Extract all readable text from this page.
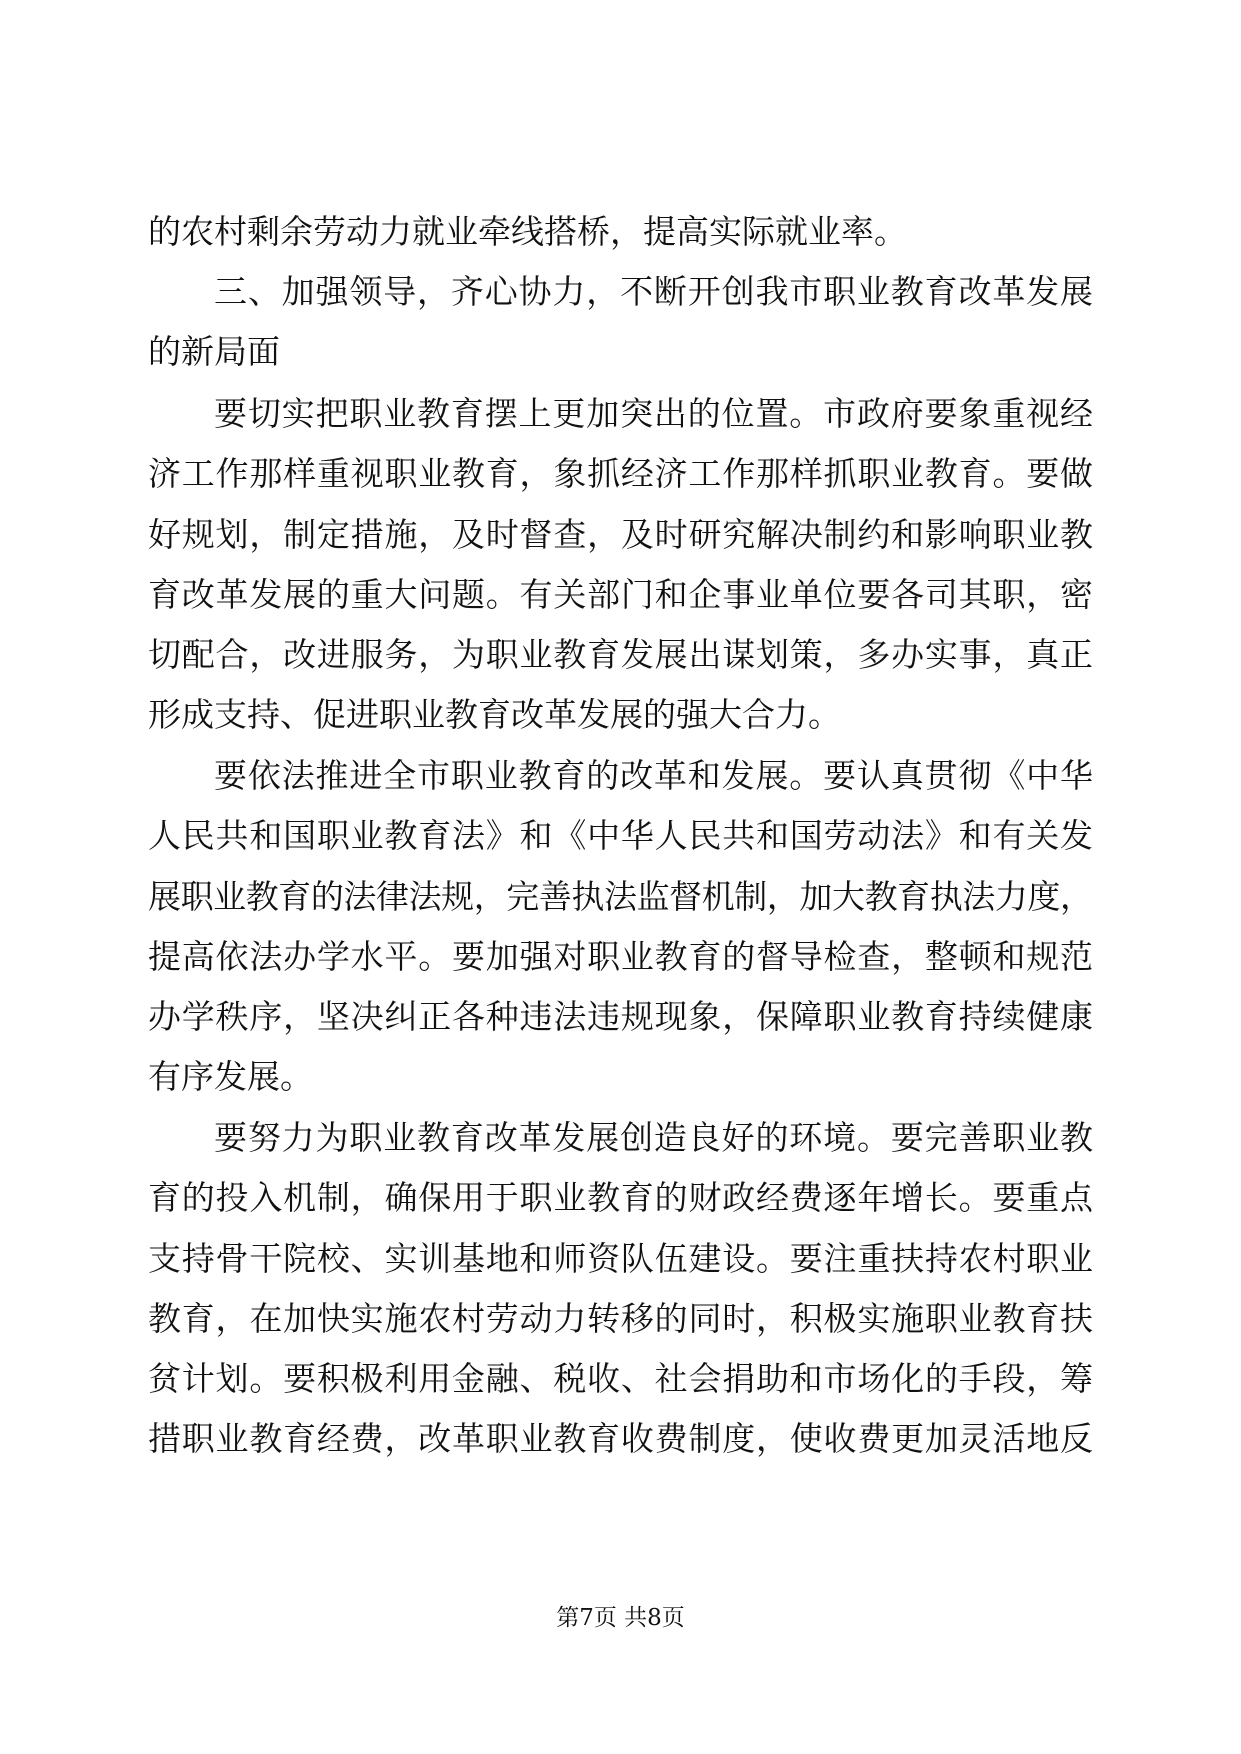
的农村剩余劳动力就业牵线搭桥，提高实际就业率。
三、加强领导，齐心协力，不断开创我市职业教育改革发展
的新局面
要切实把职业教育摆上更加突出的位置。市政府要象重视经
济工作那样重视职业教育，象抓经济工作那样抓职业教育。要做
好规划，制定措施，及时督查，及时研究解决制约和影响职业教
育改革发展的重大问题。有关部门和企事业单位要各司其职，密
切配合，改进服务，为职业教育发展出谋划策，多办实事，真正
形成支持、促进职业教育改革发展的强大合力。
要依法推进全市职业教育的改革和发展。要认真贯彻《中华
人民共和国职业教育法》和《中华人民共和国劳动法》和有关发
展职业教育的法律法规，完善执法监督机制，加大教育执法力度，
提高依法办学水平。要加强对职业教育的督导检查，整顿和规范
办学秩序，坚决纠正各种违法违规现象，保障职业教育持续健康
有序发展。
要努力为职业教育改革发展创造良好的环境。要完善职业教
育的投入机制，确保用于职业教育的财政经费逐年增长。要重点
支持骨干院校、实训基地和师资队伍建设。要注重扶持农村职业
教育，在加快实施农村劳动力转移的同时，积极实施职业教育扶
贫计划。要积极利用金融、税收、社会捐助和市场化的手段，筹
措职业教育经费，改革职业教育收费制度，使收费更加灵活地反
第7页 共8页
